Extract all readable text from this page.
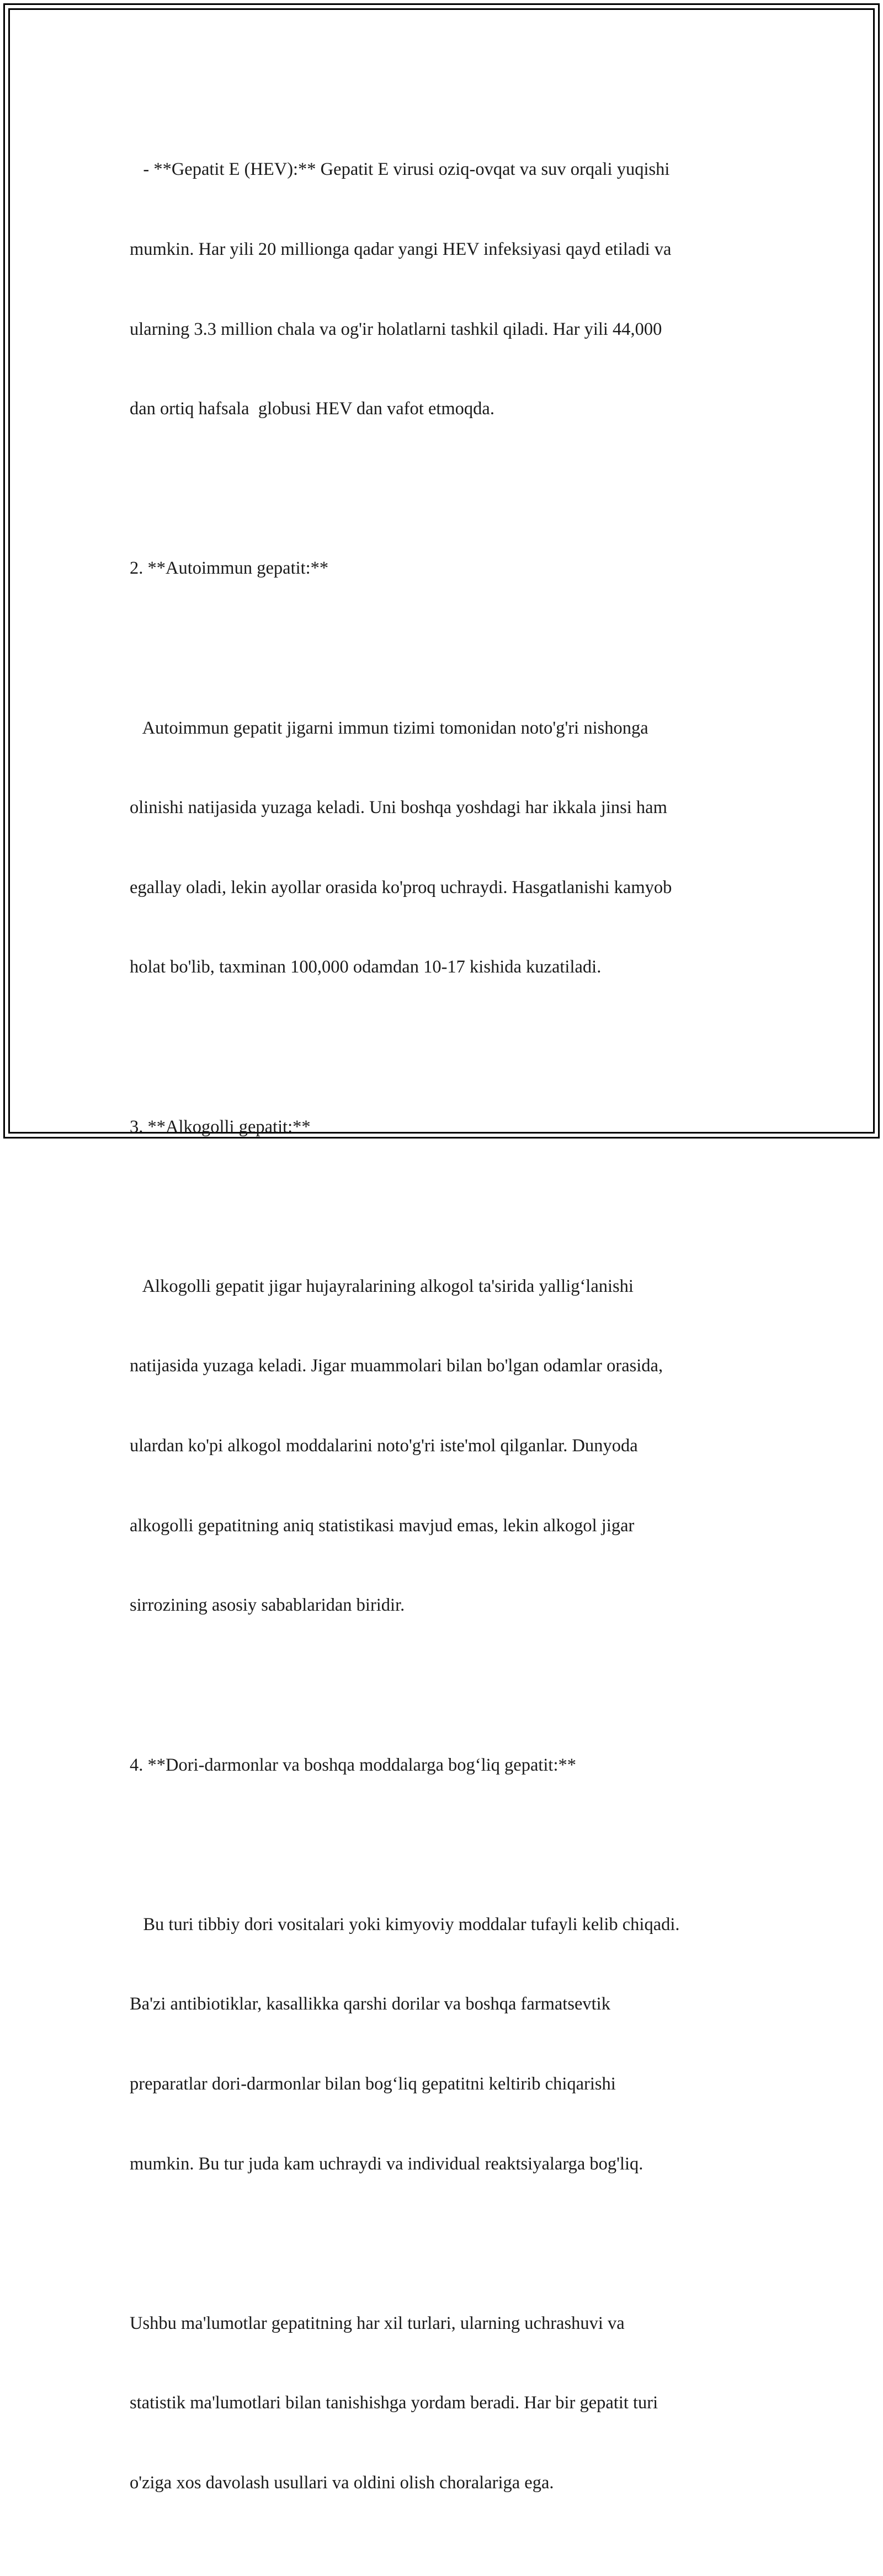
- **Gepatit E (HEV):** Gepatit E virusi oziq-ovqat va suv orqali yuqishi

mumkin. Har yili 20 millionga qadar yangi HEV infeksiyasi qayd etiladi va

ularning 3.3 million chala va og'ir holatlarni tashkil qiladi. Har yili 44,000

dan ortiq hafsala  globusi HEV dan vafot etmoqda.

2. **Autoimmun gepatit:**

Autoimmun gepatit jigarni immun tizimi tomonidan noto'g'ri nishonga

olinishi natijasida yuzaga keladi. Uni boshqa yoshdagi har ikkala jinsi ham

egallay oladi, lekin ayollar orasida ko'proq uchraydi. Hasgatlanishi kamyob

holat bo'lib, taxminan 100,000 odamdan 10-17 kishida kuzatiladi.

3. **Alkogolli gepatit:**

Alkogolli gepatit jigar hujayralarining alkogol ta'sirida yallig‘lanishi

natijasida yuzaga keladi. Jigar muammolari bilan bo'lgan odamlar orasida,

ulardan ko'pi alkogol moddalarini noto'g'ri iste'mol qilganlar. Dunyoda

alkogolli gepatitning aniq statistikasi mavjud emas, lekin alkogol jigar

sirrozining asosiy sabablaridan biridir.

4. **Dori-darmonlar va boshqa moddalarga bog‘liq gepatit:**

Bu turi tibbiy dori vositalari yoki kimyoviy moddalar tufayli kelib chiqadi.

Ba'zi antibiotiklar, kasallikka qarshi dorilar va boshqa farmatsevtik

preparatlar dori-darmonlar bilan bog‘liq gepatitni keltirib chiqarishi

mumkin. Bu tur juda kam uchraydi va individual reaktsiyalarga bog'liq.

Ushbu ma'lumotlar gepatitning har xil turlari, ularning uchrashuvi va

statistik ma'lumotlari bilan tanishishga yordam beradi. Har bir gepatit turi

o'ziga xos davolash usullari va oldini olish choralariga ega.
